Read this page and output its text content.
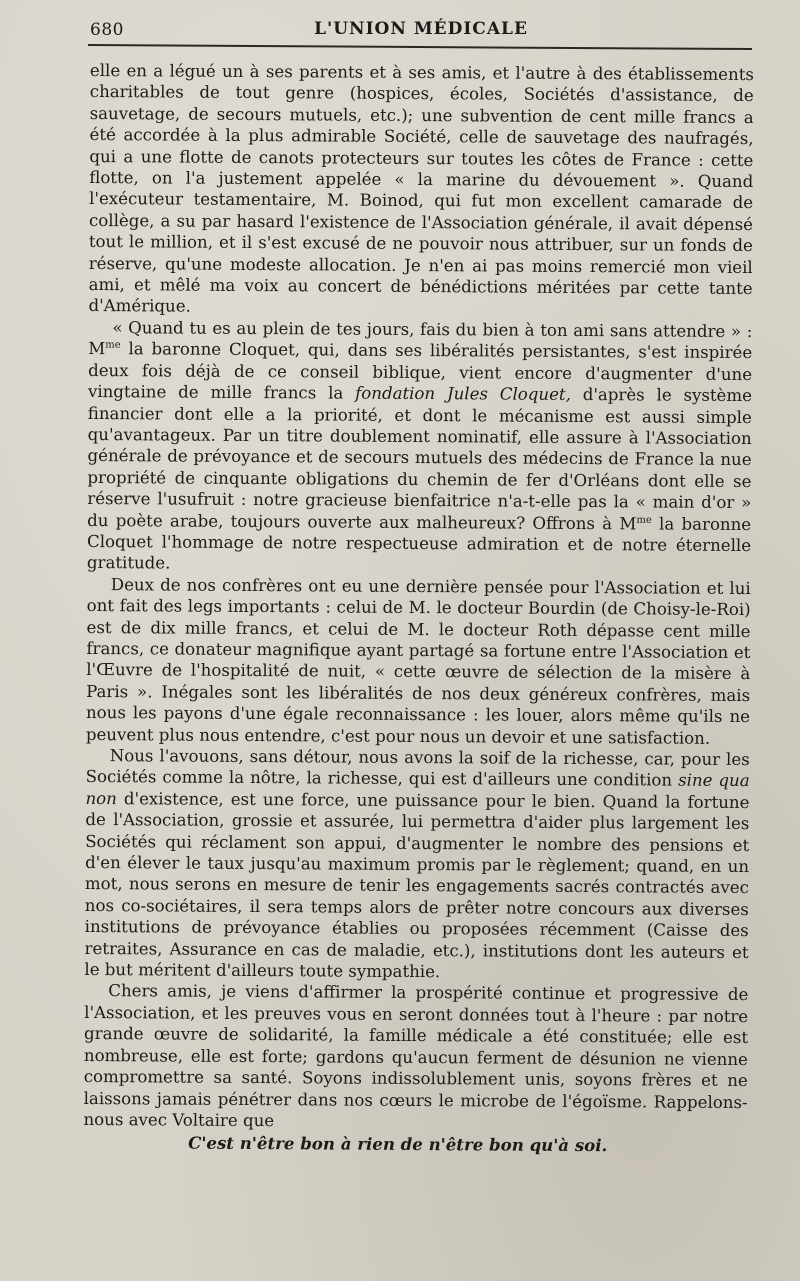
680	L'UNION MÉDICALE

elle en a légué un à ses parents et à ses amis, et l'autre à des établissements charitables de tout genre (hospices, écoles, Sociétés d'assistance, de sauvetage, de secours mutuels, etc.); une subvention de cent mille francs a été accordée à la plus admirable Société, celle de sauvetage des naufragés, qui a une flotte de canots protecteurs sur toutes les côtes de France : cette flotte, on l'a justement appelée « la marine du dévouement ». Quand l'exécuteur testamentaire, M. Boinod, qui fut mon excellent camarade de collège, a su par hasard l'existence de l'Association générale, il avait dépensé tout le million, et il s'est excusé de ne pouvoir nous attribuer, sur un fonds de réserve, qu'une modeste allocation. Je n'en ai pas moins remercié mon vieil ami, et mêlé ma voix au concert de bénédictions méritées par cette tante d'Amérique.

« Quand tu es au plein de tes jours, fais du bien à ton ami sans attendre » : $M^{me}$ la baronne Cloquet, qui, dans ses libéralités persistantes, s'est inspirée deux fois déjà de ce conseil biblique, vient encore d'augmenter d'une vingtaine de mille francs la fondation Jules Cloquet, d'après le système financier dont elle a la priorité, et dont le mécanisme est aussi simple qu'avantageux. Par un titre doublement nominatif, elle assure à l'Association générale de prévoyance et de secours mutuels des médecins de France la nue propriété de cinquante obligations du chemin de fer d'Orléans dont elle se réserve l'usufruit : notre gracieuse bienfaitrice n'a-t-elle pas la « main d'or » du poète arabe, toujours ouverte aux malheureux? Offrons à $M^{me}$ la baronne Cloquet l'hommage de notre respectueuse admiration et de notre éternelle gratitude.

Deux de nos confrères ont eu une dernière pensée pour l'Association et lui ont fait des legs importants : celui de M. le docteur Bourdin (de Choisy-le-Roi) est de dix mille francs, et celui de M. le docteur Roth dépasse cent mille francs, ce donateur magnifique ayant partagé sa fortune entre l'Association et l'Œuvre de l'hospitalité de nuit, « cette œuvre de sélection de la misère à Paris ». Inégales sont les libéralités de nos deux généreux confrères, mais nous les payons d'une égale reconnaissance : les louer, alors même qu'ils ne peuvent plus nous entendre, c'est pour nous un devoir et une satisfaction.

Nous l'avouons, sans détour, nous avons la soif de la richesse, car, pour les Sociétés comme la nôtre, la richesse, qui est d'ailleurs une condition sine qua non d'existence, est une force, une puissance pour le bien. Quand la fortune de l'Association, grossie et assurée, lui permettra d'aider plus largement les Sociétés qui réclament son appui, d'augmenter le nombre des pensions et d'en élever le taux jusqu'au maximum promis par le règlement; quand, en un mot, nous serons en mesure de tenir les engagements sacrés contractés avec nos co-sociétaires, il sera temps alors de prêter notre concours aux diverses institutions de prévoyance établies ou proposées récemment (Caisse des retraites, Assurance en cas de maladie, etc.), institutions dont les auteurs et le but méritent d'ailleurs toute sympathie.

Chers amis, je viens d'affirmer la prospérité continue et progressive de l'Association, et les preuves vous en seront données tout à l'heure : par notre grande œuvre de solidarité, la famille médicale a été constituée; elle est nombreuse, elle est forte; gardons qu'aucun ferment de désunion ne vienne compromettre sa santé. Soyons indissolublement unis, soyons frères et ne laissons jamais pénétrer dans nos cœurs le microbe de l'égoïsme. Rappelons-nous avec Voltaire que

C'est n'être bon à rien de n'être bon qu'à soi.
